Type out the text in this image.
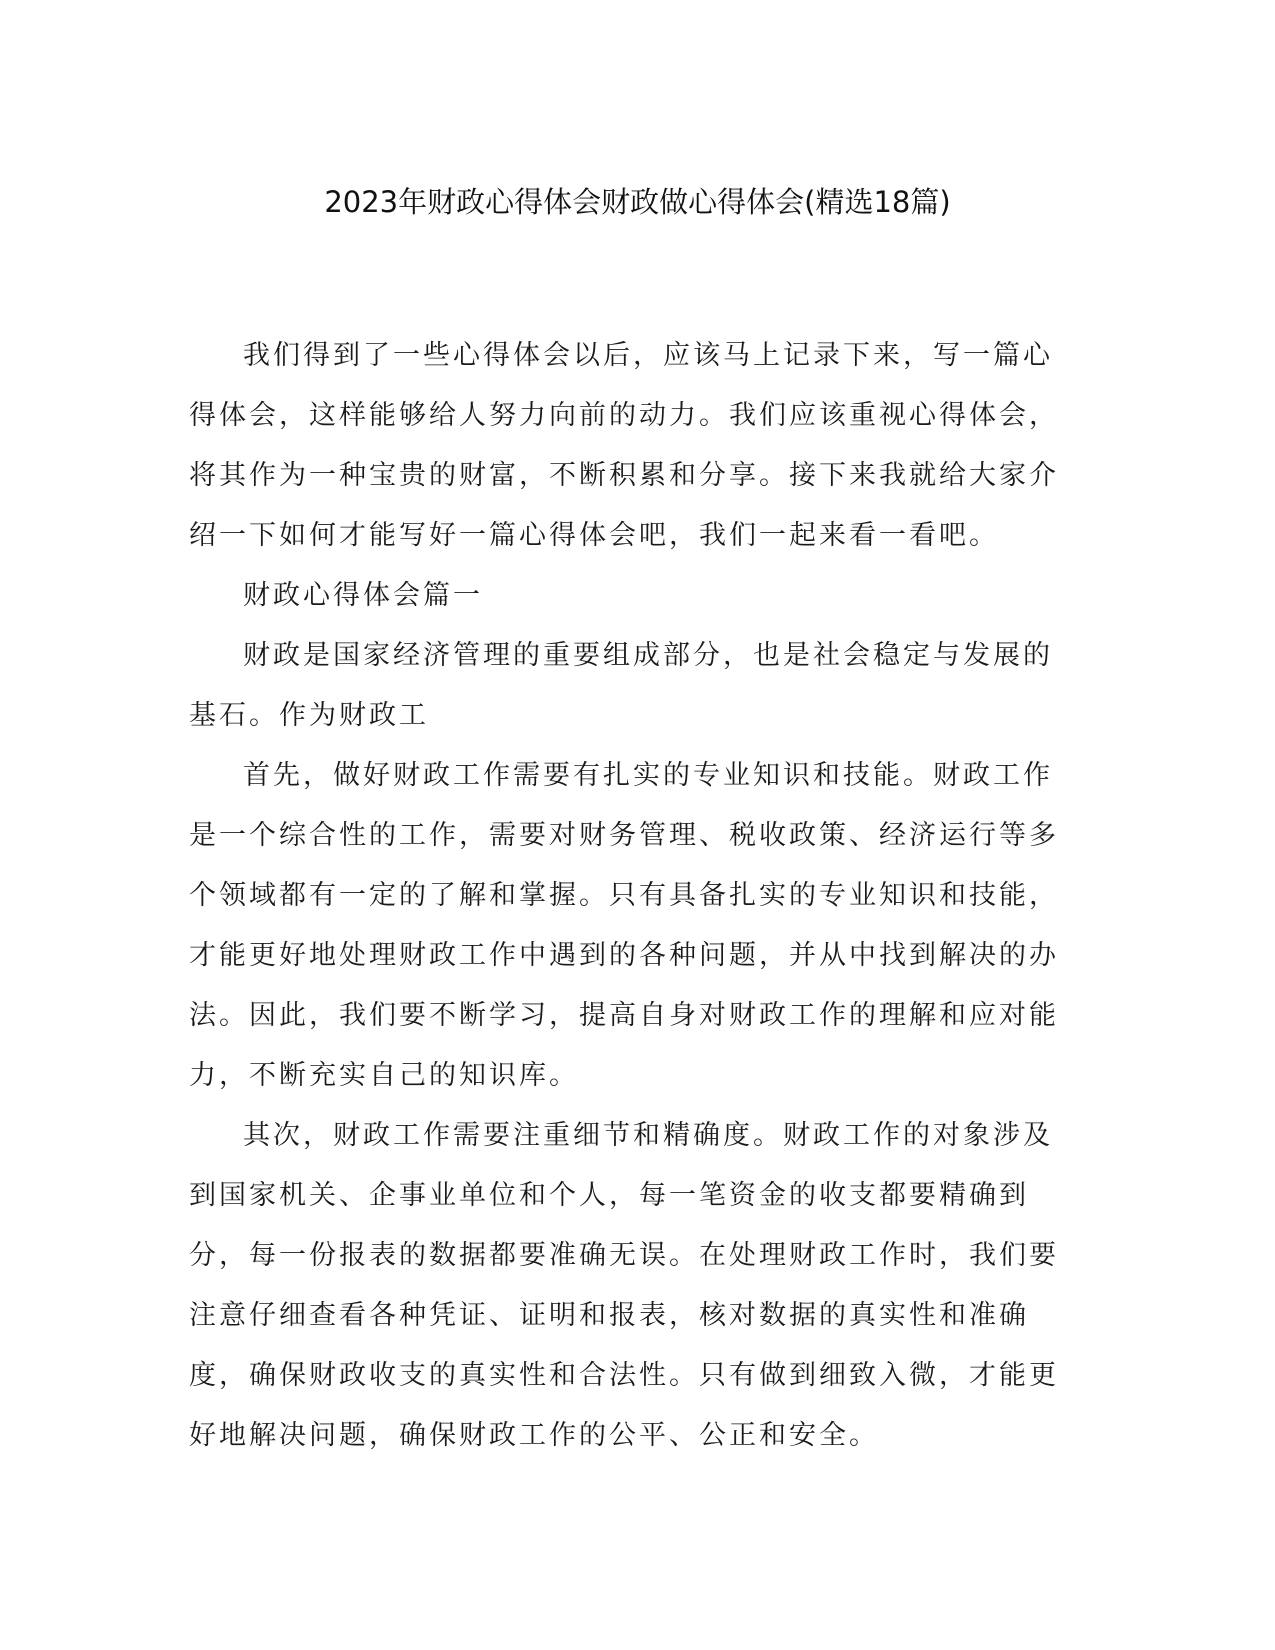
2023年财政心得体会财政做心得体会(精选18篇)

我们得到了一些心得体会以后，应该马上记录下来，写一篇心得体会，这样能够给人努力向前的动力。我们应该重视心得体会，将其作为一种宝贵的财富，不断积累和分享。接下来我就给大家介绍一下如何才能写好一篇心得体会吧，我们一起来看一看吧。

财政心得体会篇一

财政是国家经济管理的重要组成部分，也是社会稳定与发展的基石。作为财政工

首先，做好财政工作需要有扎实的专业知识和技能。财政工作是一个综合性的工作，需要对财务管理、税收政策、经济运行等多个领域都有一定的了解和掌握。只有具备扎实的专业知识和技能，才能更好地处理财政工作中遇到的各种问题，并从中找到解决的办法。因此，我们要不断学习，提高自身对财政工作的理解和应对能力，不断充实自己的知识库。

其次，财政工作需要注重细节和精确度。财政工作的对象涉及到国家机关、企事业单位和个人，每一笔资金的收支都要精确到分，每一份报表的数据都要准确无误。在处理财政工作时，我们要注意仔细查看各种凭证、证明和报表，核对数据的真实性和准确度，确保财政收支的真实性和合法性。只有做到细致入微，才能更好地解决问题，确保财政工作的公平、公正和安全。
